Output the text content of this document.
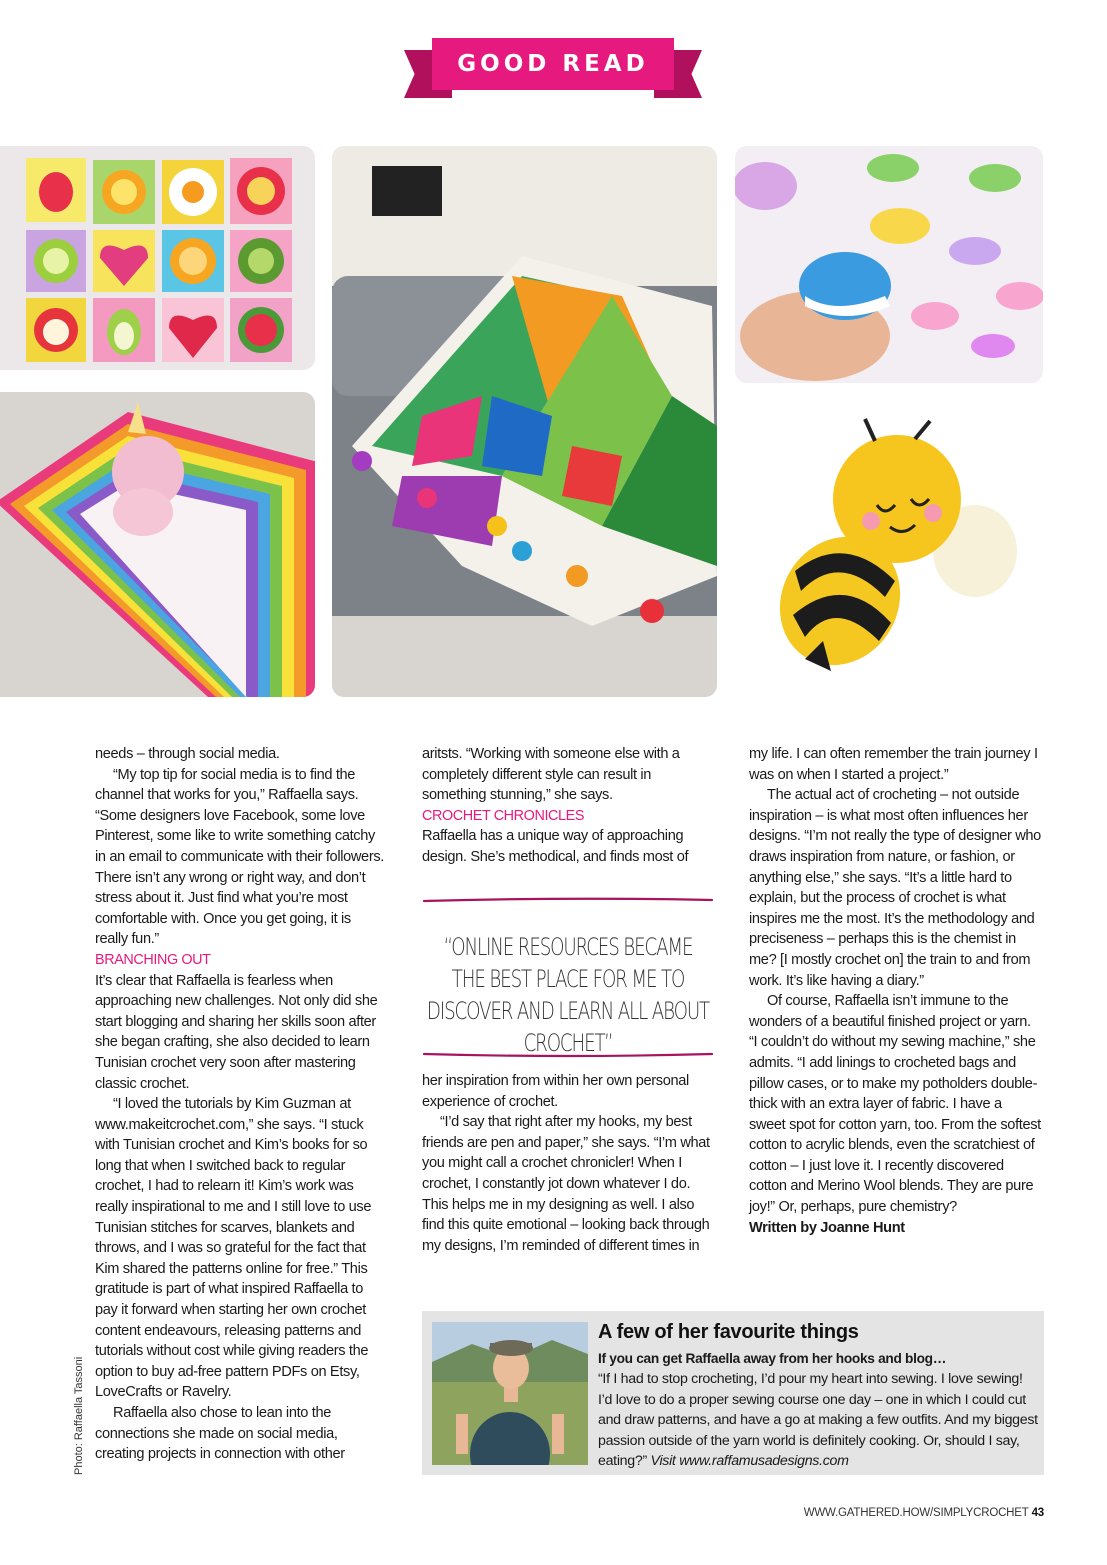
GOOD READ

needs – through social media.

“My top tip for social media is to find the channel that works for you,” Raffaella says. “Some designers love Facebook, some love Pinterest, some like to write something catchy in an email to communicate with their followers. There isn’t any wrong or right way, and don’t stress about it. Just find what you’re most comfortable with. Once you get going, it is really fun.”

BRANCHING OUT

It’s clear that Raffaella is fearless when approaching new challenges. Not only did she start blogging and sharing her skills soon after she began crafting, she also decided to learn Tunisian crochet very soon after mastering classic crochet.

“I loved the tutorials by Kim Guzman at www.makeitcrochet.com,” she says. “I stuck with Tunisian crochet and Kim’s books for so long that when I switched back to regular crochet, I had to relearn it! Kim’s work was really inspirational to me and I still love to use Tunisian stitches for scarves, blankets and throws, and I was so grateful for the fact that Kim shared the patterns online for free.” This gratitude is part of what inspired Raffaella to pay it forward when starting her own crochet content endeavours, releasing patterns and tutorials without cost while giving readers the option to buy ad-free pattern PDFs on Etsy, LoveCrafts or Ravelry.

Raffaella also chose to lean into the connections she made on social media, creating projects in connection with other

aritsts. “Working with someone else with a completely different style can result in something stunning,” she says.

CROCHET CHRONICLES

Raffaella has a unique way of approaching design. She’s methodical, and finds most of

“ONLINE RESOURCES BECAME THE BEST PLACE FOR ME TO DISCOVER AND LEARN ALL ABOUT CROCHET”

her inspiration from within her own personal experience of crochet.

“I’d say that right after my hooks, my best friends are pen and paper,” she says. “I’m what you might call a crochet chronicler! When I crochet, I constantly jot down whatever I do. This helps me in my designing as well. I also find this quite emotional – looking back through my designs, I’m reminded of different times in

my life. I can often remember the train journey I was on when I started a project.”

The actual act of crocheting – not outside inspiration – is what most often influences her designs. “I’m not really the type of designer who draws inspiration from nature, or fashion, or anything else,” she says. “It’s a little hard to explain, but the process of crochet is what inspires me the most. It’s the methodology and preciseness – perhaps this is the chemist in me? [I mostly crochet on] the train to and from work. It’s like having a diary.”

Of course, Raffaella isn’t immune to the wonders of a beautiful finished project or yarn. “I couldn’t do without my sewing machine,” she admits. “I add linings to crocheted bags and pillow cases, or to make my potholders double-thick with an extra layer of fabric. I have a sweet spot for cotton yarn, too. From the softest cotton to acrylic blends, even the scratchiest of cotton – I just love it. I recently discovered cotton and Merino Wool blends. They are pure joy!” Or, perhaps, pure chemistry?

Written by Joanne Hunt

Photo: Raffaella Tassoni
A few of her favourite things
If you can get Raffaella away from her hooks and blog…
“If I had to stop crocheting, I’d pour my heart into sewing. I love sewing! I’d love to do a proper sewing course one day – one in which I could cut and draw patterns, and have a go at making a few outfits. And my biggest passion outside of the yarn world is definitely cooking. Or, should I say, eating?” Visit www.raffamusadesigns.com
WWW.GATHERED.HOW/SIMPLYCROCHET 43
